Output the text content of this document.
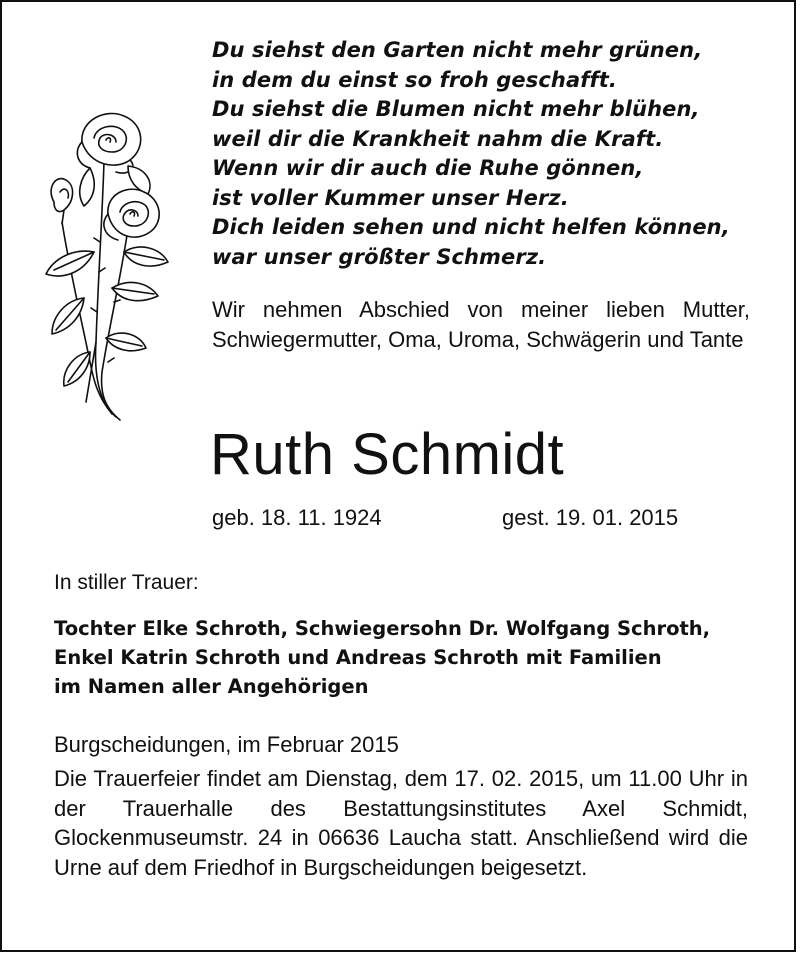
Du siehst den Garten nicht mehr grünen,
in dem du einst so froh geschafft.
Du siehst die Blumen nicht mehr blühen,
weil dir die Krankheit nahm die Kraft.
Wenn wir dir auch die Ruhe gönnen,
ist voller Kummer unser Herz.
Dich leiden sehen und nicht helfen können,
war unser größter Schmerz.
Wir nehmen Abschied von meiner lieben Mutter, Schwiegermutter, Oma, Uroma, Schwägerin und Tante
Ruth Schmidt
geb. 18. 11. 1924	gest. 19. 01. 2015
In stiller Trauer:
Tochter Elke Schroth, Schwiegersohn Dr. Wolfgang Schroth,
Enkel Katrin Schroth und Andreas Schroth mit Familien
im Namen aller Angehörigen
Burgscheidungen, im Februar 2015
Die Trauerfeier findet am Dienstag, dem 17. 02. 2015, um 11.00 Uhr in der Trauerhalle des Bestattungsinstitutes Axel Schmidt, Glockenmuseumstr. 24 in 06636 Laucha statt. Anschließend wird die Urne auf dem Friedhof in Burgscheidungen beigesetzt.
